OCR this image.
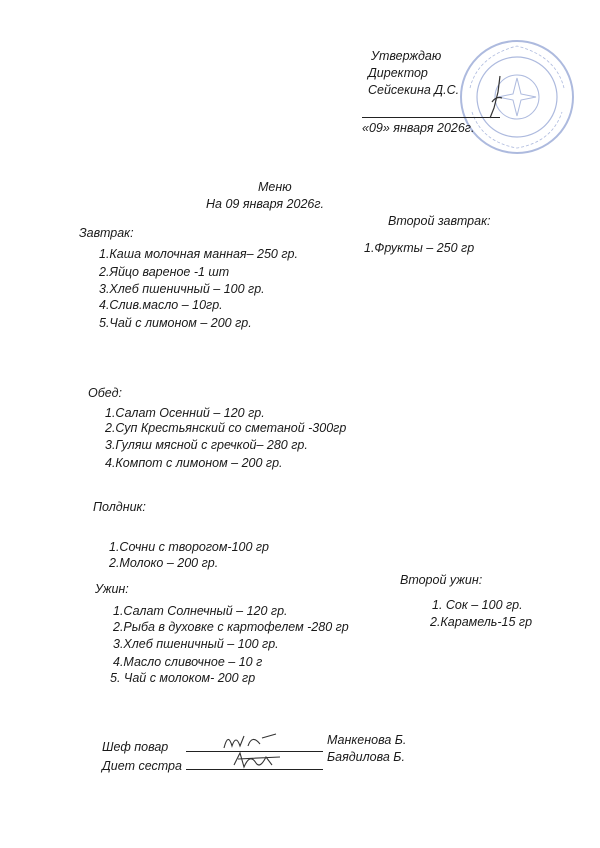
Утверждаю
Директор
Сейсекина Д.С.
«09» января 2026г.
Меню
На 09 января 2026г.
Завтрак:
1.Каша молочная манная– 250 гр.
2.Яйцо вареное -1 шт
3.Хлеб пшеничный – 100 гр.
4.Слив.масло – 10гр.
5.Чай с лимоном – 200 гр.
Второй завтрак:
1.Фрукты – 250 гр
Обед:
1.Салат Осенний – 120 гр.
2.Суп Крестьянский со сметаной -300гр
3.Гуляш мясной с гречкой– 280 гр.
4.Компот с лимоном – 200 гр.
Полдник:
1.Сочни с творогом-100 гр
2.Молоко – 200 гр.
Ужин:
1.Салат Солнечный – 120 гр.
2.Рыба в духовке с картофелем -280 гр
3.Хлеб пшеничный – 100 гр.
4.Масло сливочное – 10 г
5. Чай с молоком- 200 гр
Второй ужин:
1. Сок – 100 гр.
2.Карамель-15 гр
Шеф повар	Манкенова Б.
Диет сестра
Баядилова Б.
